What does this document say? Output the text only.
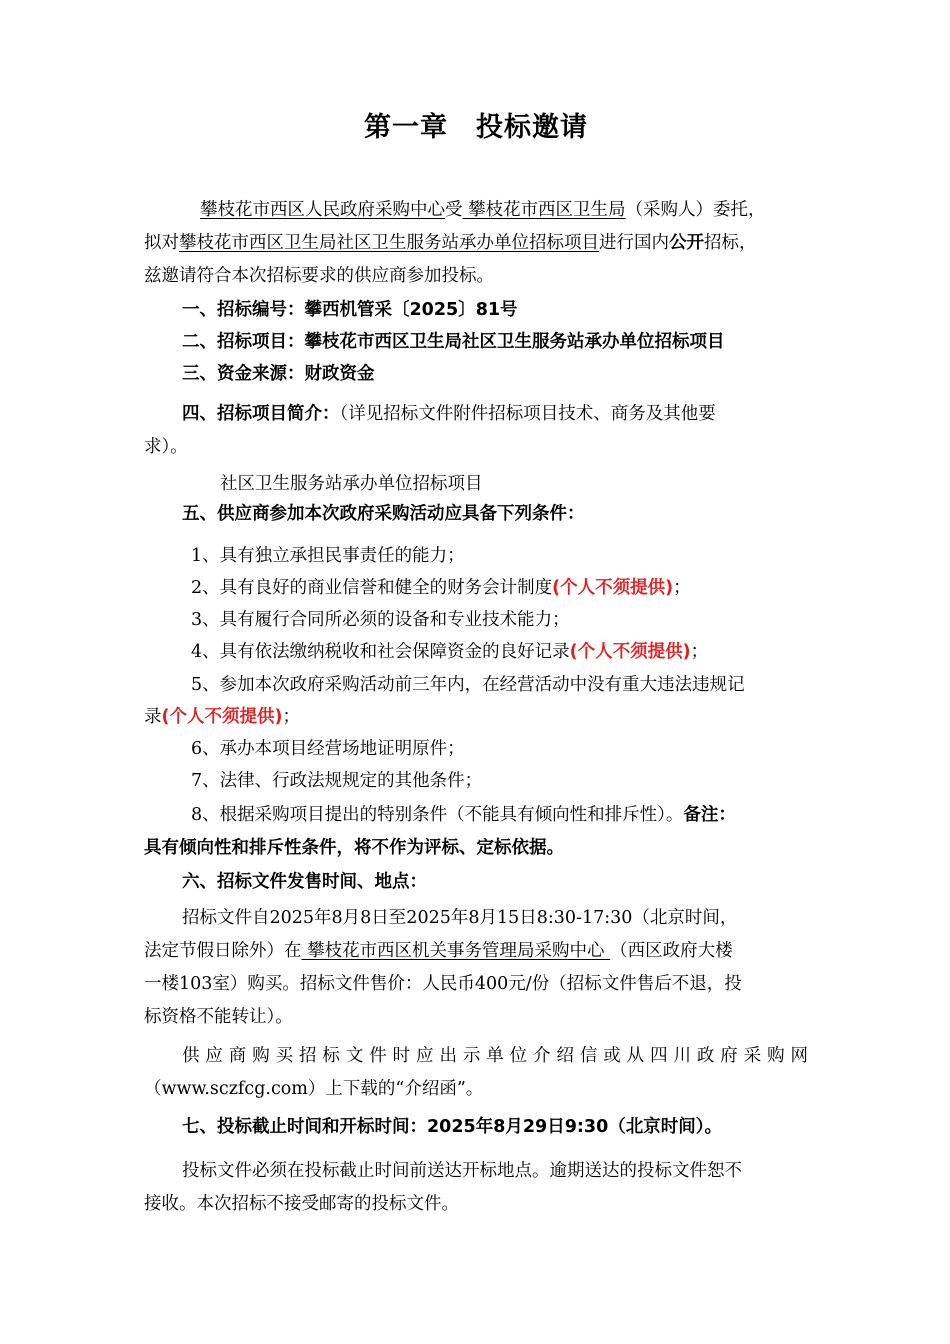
第一章 投标邀请
攀枝花市西区人民政府采购中心受 攀枝花市西区卫生局（采购人）委托，
拟对攀枝花市西区卫生局社区卫生服务站承办单位招标项目进行国内公开招标，
兹邀请符合本次招标要求的供应商参加投标。
一、招标编号：攀西机管采〔2025〕81号
二、招标项目：攀枝花市西区卫生局社区卫生服务站承办单位招标项目
三、资金来源：财政资金
四、招标项目简介：（详见招标文件附件招标项目技术、商务及其他要
求）。
社区卫生服务站承办单位招标项目
五、供应商参加本次政府采购活动应具备下列条件：
1、具有独立承担民事责任的能力；
2、具有良好的商业信誉和健全的财务会计制度(个人不须提供)；
3、具有履行合同所必须的设备和专业技术能力；
4、具有依法缴纳税收和社会保障资金的良好记录(个人不须提供)；
5、参加本次政府采购活动前三年内，在经营活动中没有重大违法违规记
录(个人不须提供)；
6、承办本项目经营场地证明原件；
7、法律、行政法规规定的其他条件；
8、根据采购项目提出的特别条件（不能具有倾向性和排斥性）。备注：
具有倾向性和排斥性条件，将不作为评标、定标依据。
六、招标文件发售时间、地点：
招标文件自2025年8月8日至2025年8月15日8:30-17:30（北京时间，
法定节假日除外）在 攀枝花市西区机关事务管理局采购中心 （西区政府大楼
一楼103室）购买。招标文件售价：人民币400元/份（招标文件售后不退，投
标资格不能转让）。
供应商购买招标文件时应出示单位介绍信或从四川政府采购网
（www.sczfcg.com）上下载的“介绍函”。
七、投标截止时间和开标时间：2025年8月29日9:30（北京时间）。
投标文件必须在投标截止时间前送达开标地点。逾期送达的投标文件恕不
接收。本次招标不接受邮寄的投标文件。
